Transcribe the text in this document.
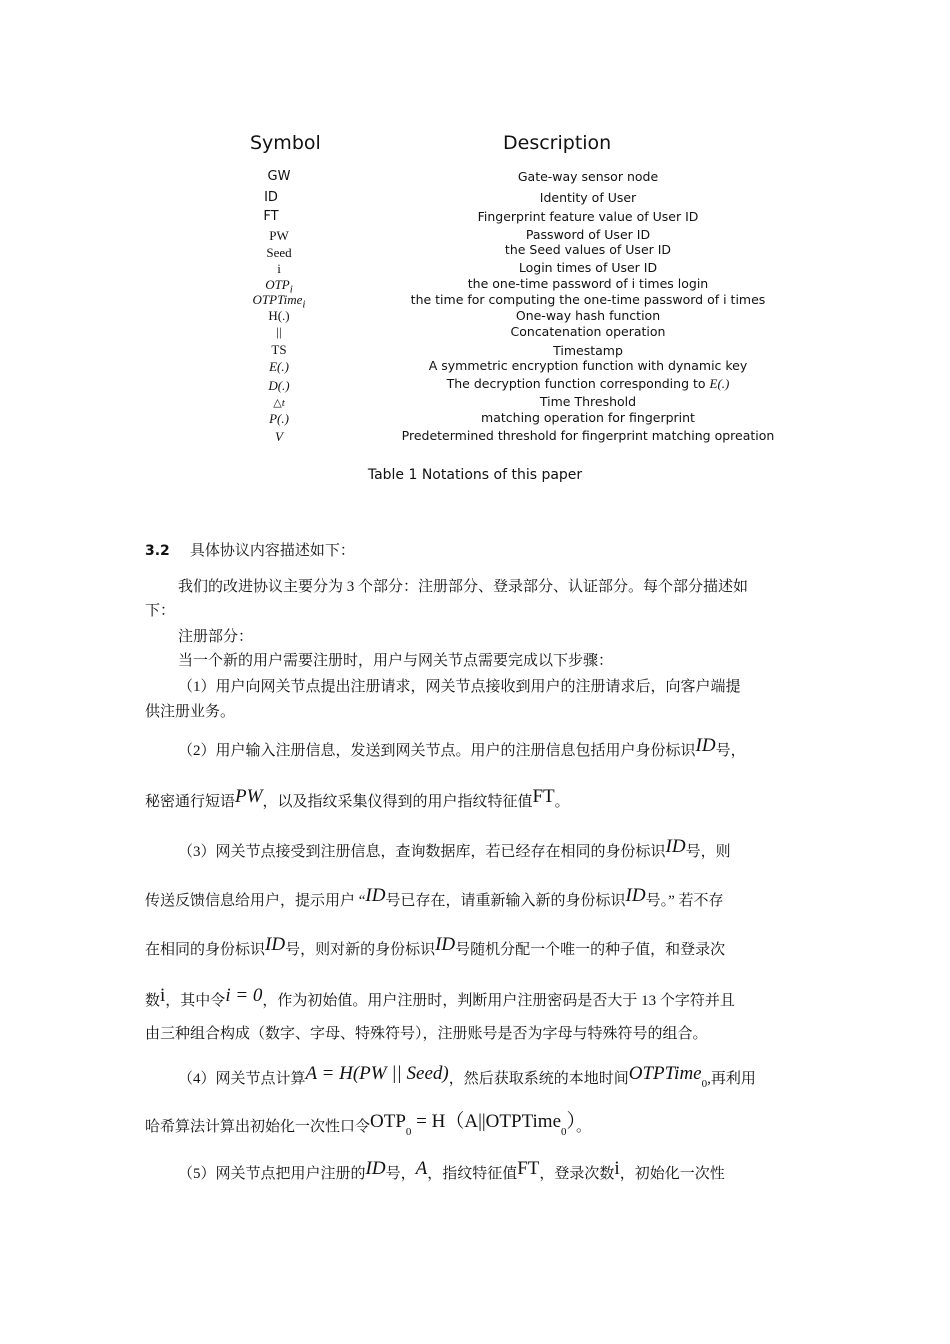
Symbol	Description
GW	Gate-way sensor node
ID	Identity of User
FT	Fingerprint feature value of User ID
PW	Password of User ID
Seed	the Seed values of User ID
i	Login times of User ID
$OTP_i$	the one-time password of i times login
OTPTime$_i$	the time for computing the one-time password of i times
H(.)	One-way hash function
||	Concatenation operation
TS	Timestamp
E(.)	A symmetric encryption function with dynamic key
D(.)	The decryption function corresponding to E(.)
△t	Time Threshold
P(.)	matching operation for fingerprint
V	Predetermined threshold for fingerprint matching opreation
Table 1 Notations of this paper
3.2 具体协议内容描述如下：
我们的改进协议主要分为 3 个部分：注册部分、登录部分、认证部分。每个部分描述如
下：
注册部分：
当一个新的用户需要注册时，用户与网关节点需要完成以下步骤：
（1）用户向网关节点提出注册请求，网关节点接收到用户的注册请求后，向客户端提
供注册业务。
（2）用户输入注册信息，发送到网关节点。用户的注册信息包括用户身份标识ID号，
秘密通行短语PW，以及指纹采集仪得到的用户指纹特征值FT。
（3）网关节点接受到注册信息，查询数据库，若已经存在相同的身份标识ID号，则
传送反馈信息给用户，提示用户 “ID号已存在，请重新输入新的身份标识ID号。” 若不存
在相同的身份标识ID号，则对新的身份标识ID号随机分配一个唯一的种子值，和登录次
数i，其中令i = 0，作为初始值。用户注册时，判断用户注册密码是否大于 13 个字符并且
由三种组合构成（数字、字母、特殊符号），注册账号是否为字母与特殊符号的组合。
（4）网关节点计算A = H(PW || Seed)，然后获取系统的本地时间OTPTime$_0$,再利用
哈希算法计算出初始化一次性口令$OTP_0$ = H（A||OTPTime$_0$）。
（5）网关节点把用户注册的ID号，A，指纹特征值FT，登录次数i，初始化一次性
